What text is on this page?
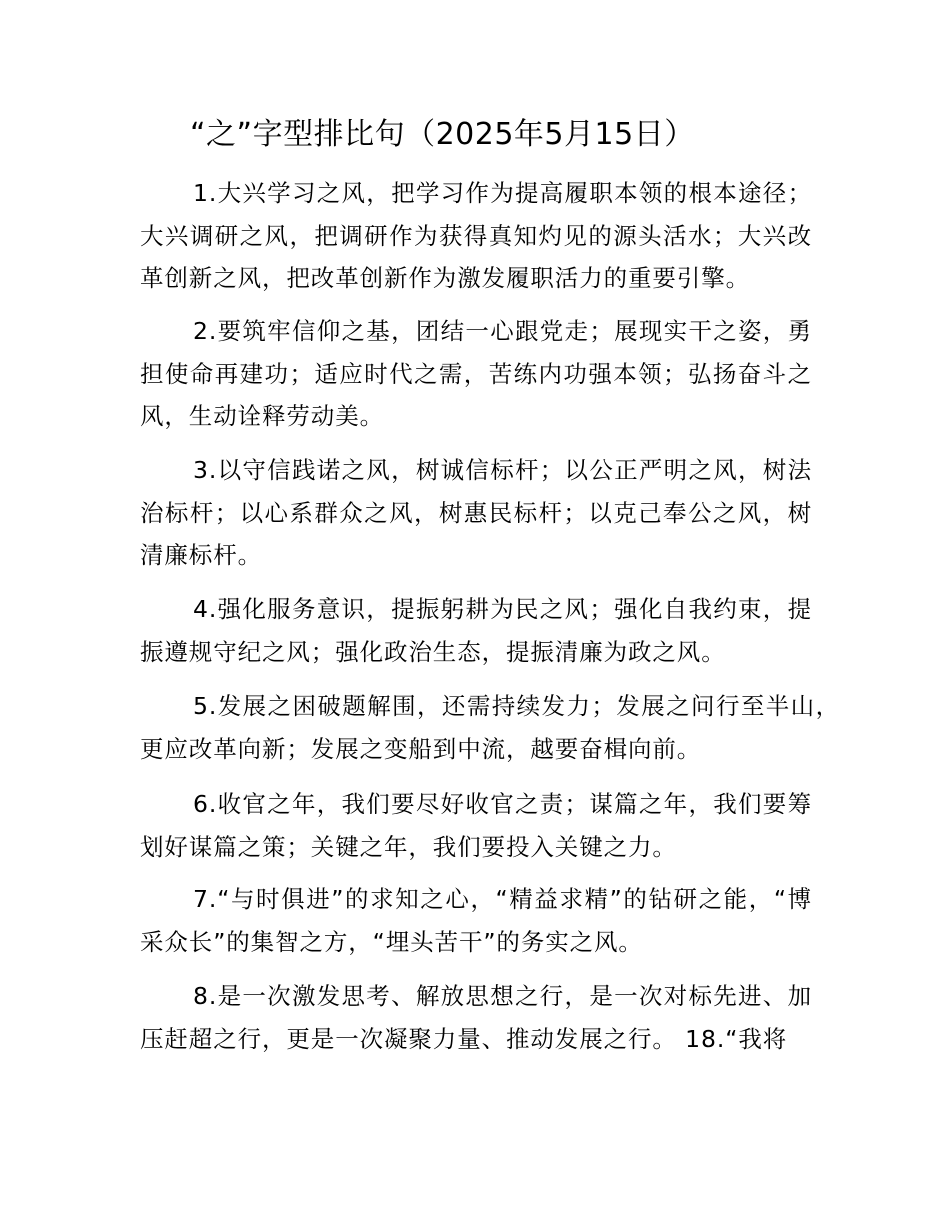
“之”字型排比句（2025年5月15日）

1.大兴学习之风，把学习作为提高履职本领的根本途径；大兴调研之风，把调研作为获得真知灼见的源头活水；大兴改革创新之风，把改革创新作为激发履职活力的重要引擎。

2.要筑牢信仰之基，团结一心跟党走；展现实干之姿，勇担使命再建功；适应时代之需，苦练内功强本领；弘扬奋斗之风，生动诠释劳动美。

3.以守信践诺之风，树诚信标杆；以公正严明之风，树法治标杆；以心系群众之风，树惠民标杆；以克己奉公之风，树清廉标杆。

4.强化服务意识，提振躬耕为民之风；强化自我约束，提振遵规守纪之风；强化政治生态，提振清廉为政之风。

5.发展之困破题解围，还需持续发力；发展之问行至半山，更应改革向新；发展之变船到中流，越要奋楫向前。

6.收官之年，我们要尽好收官之责；谋篇之年，我们要筹划好谋篇之策；关键之年，我们要投入关键之力。

7.“与时俱进”的求知之心，“精益求精”的钻研之能，“博采众长”的集智之方，“埋头苦干”的务实之风。

8.是一次激发思考、解放思想之行，是一次对标先进、加压赶超之行，更是一次凝聚力量、推动发展之行。 18.“我将
